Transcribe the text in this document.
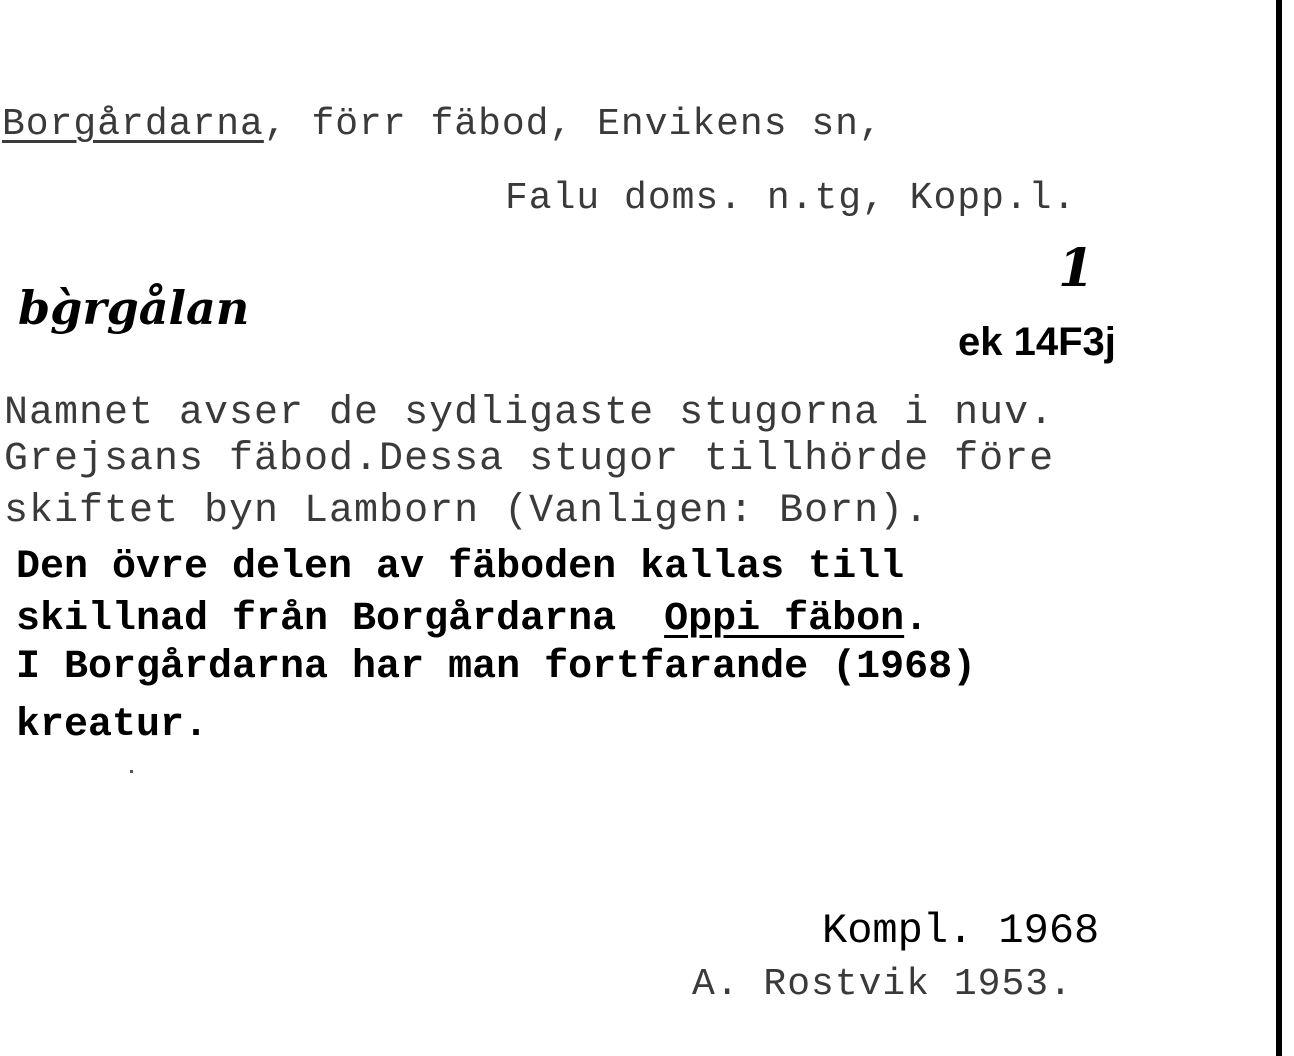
Borgårdarna, förr fäbod, Envikens sn,
Falu doms. n.tg, Kopp.l.
bg̀rgålan
1
ek 14F3j
Namnet avser de sydligaste stugorna i nuv.
Grejsans fäbod.Dessa stugor tillhörde före
skiftet byn Lamborn (Vanligen: Born).
Den övre delen av fäboden kallas till
skillnad från Borgårdarna  Oppi fäbon.
I Borgårdarna har man fortfarande (1968)
kreatur.
Kompl. 1968
A. Rostvik 1953.
